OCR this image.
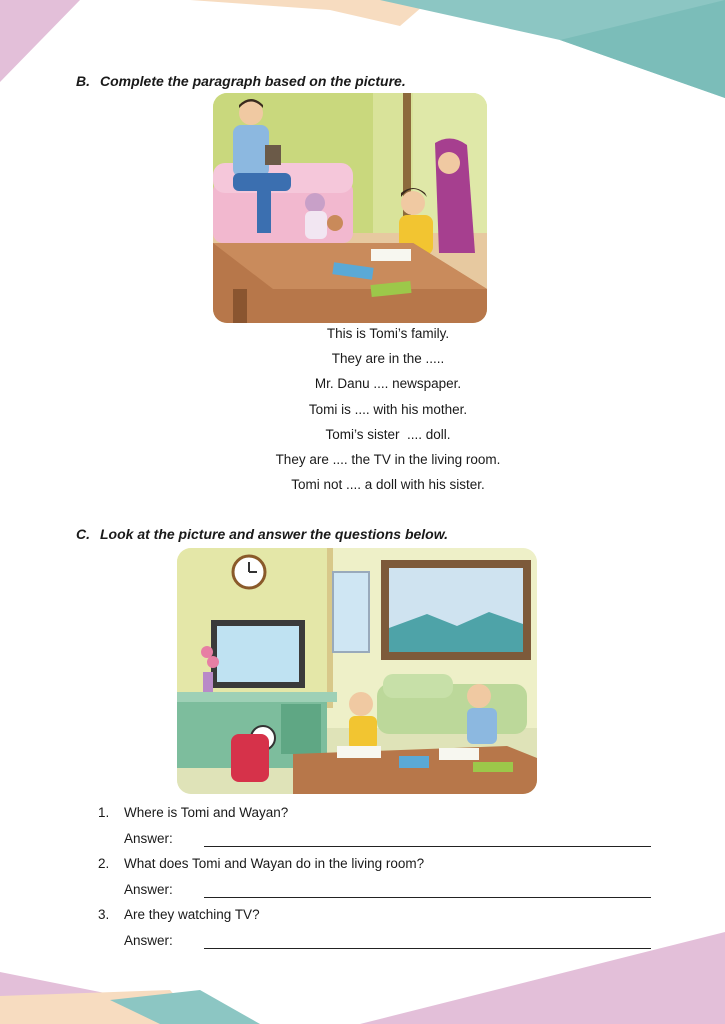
B. Complete the paragraph based on the picture.
This is Tomi’s family.
They are in the .....
Mr. Danu .... newspaper.
Tomi is .... with his mother.
Tomi’s sister  .... doll.
They are .... the TV in the living room.
Tomi not .... a doll with his sister.
C. Look at the picture and answer the questions below.
1.	Where is Tomi and Wayan?
Answer:
2.	What does Tomi and Wayan do in the living room?
Answer:
3.	Are they watching TV?
Answer:
